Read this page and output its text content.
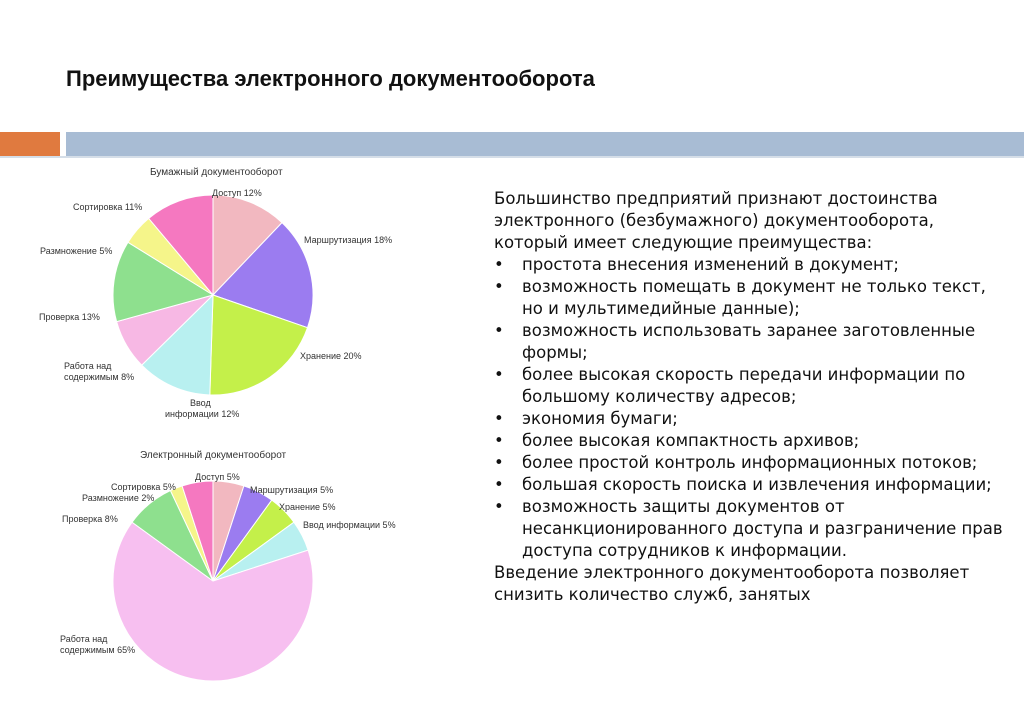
Преимущества электронного документооборота
Бумажный документооборот
Доступ 12%
Маршрутизация 18%
Хранение 20%
Ввод
информации 12%
Работа над
содержимым 8%
Проверка 13%
Размножение 5%
Сортировка 11%
Электронный документооборот
Доступ 5%
Маршрутизация 5%
Хранение 5%
Ввод информации 5%
Работа над
содержимым 65%
Проверка 8%
Размножение 2%
Сортировка 5%

Большинство предприятий признают достоинства электронного (безбумажного) документооборота, который имеет следующие преимущества:

• простота внесения изменений в документ;
• возможность помещать в документ не только текст, но и мультимедийные данные);
• возможность использовать заранее заготовленные формы;
• более высокая скорость передачи информации по большому количеству адресов;
• экономия бумаги;
• более высокая компактность архивов;
• более простой контроль информационных потоков;
• большая скорость поиска и извлечения информации;
• возможность защиты документов от несанкционированного доступа и разграничение прав доступа сотрудников к информации.

Введение электронного документооборота позволяет снизить количество служб, занятых
